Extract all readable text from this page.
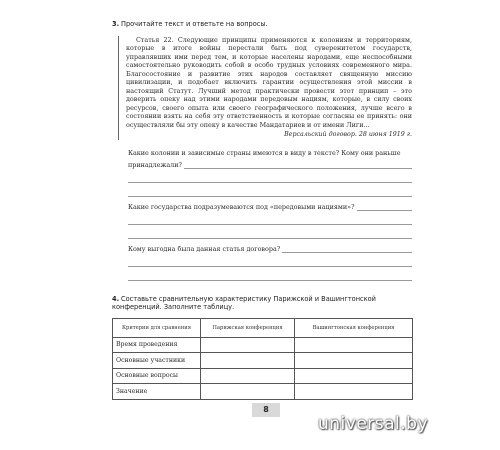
3. Прочитайте текст и ответьте на вопросы.

Статья 22. Следующие принципы применяются к колониям и территориям, которые в итоге войны перестали быть под суверенитетом государств, управлявших ими перед тем, и которые населены народами, еще неспособными самостоятельно руководить собой в особо трудных условиях современного мира. Благосостояние и развитие этих народов составляет священную миссию цивилизации, и подобает включить гарантии осуществления этой миссии в настоящий Статут. Лучший метод практически провести этот принцип – это доверить опеку над этими народами передовым нациям, которые, в силу своих ресурсов, своего опыта или своего географического положения, лучше всего в состоянии взять на себя эту ответственность и которые согласны ее принять: они осуществляли бы эту опеку в качестве Мандатариев и от имени Лиги...

Версальский договор. 28 июня 1919 г.
Какие колонии и зависимые страны имеются в виду в тексте? Кому они раньше
принадлежали?
Какие государства подразумеваются под «передовыми нациями»?
Кому выгодна была данная статья договора?
4. Составьте сравнительную характеристику Парижской и Вашингтонской конференций. Заполните таблицу.
Критерии для сравнения	Парижская конференция	Вашингтонская конференция
Время проведения		
Основные участники		
Основные вопросы		
Значение		
8
universal.by
